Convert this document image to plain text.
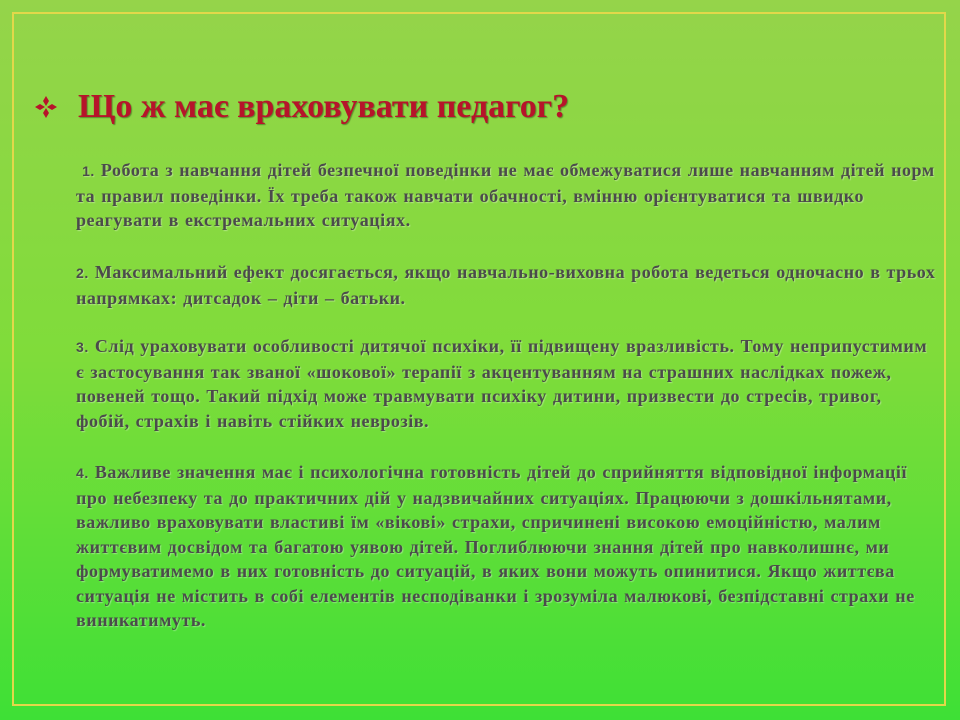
Що ж має враховувати педагог?

1. Робота з навчання дітей безпечної поведінки не має обмежуватися лише навчанням дітей норм та правил поведінки. Їх треба також навчати обачності, вмінню орієнтуватися та швидко реагувати в екстремальних ситуаціях.

2. Максимальний ефект досягається, якщо навчально-виховна робота ведеться одночасно в трьох напрямках: дитсадок – діти – батьки.

3. Слід ураховувати особливості дитячої психіки, її підвищену вразливість. Тому неприпустимим є застосування так званої «шокової» терапії з акцентуванням на страшних наслідках пожеж, повеней тощо. Такий підхід може травмувати психіку дитини, призвести до стресів, тривог, фобій, страхів і навіть стійких неврозів.

4. Важливе значення має і психологічна готовність дітей до сприйняття відповідної інформації про небезпеку та до практичних дій у надзвичайних ситуаціях. Працюючи з дошкільнятами, важливо враховувати властиві їм «вікові» страхи, спричинені високою емоційністю, малим життєвим досвідом та багатою уявою дітей. Поглиблюючи знання дітей про навколишнє, ми формуватимемо в них готовність до ситуацій, в яких вони можуть опинитися. Якщо життєва ситуація не містить в собі елементів несподіванки і зрозуміла малюкові, безпідставні страхи не виникатимуть.
